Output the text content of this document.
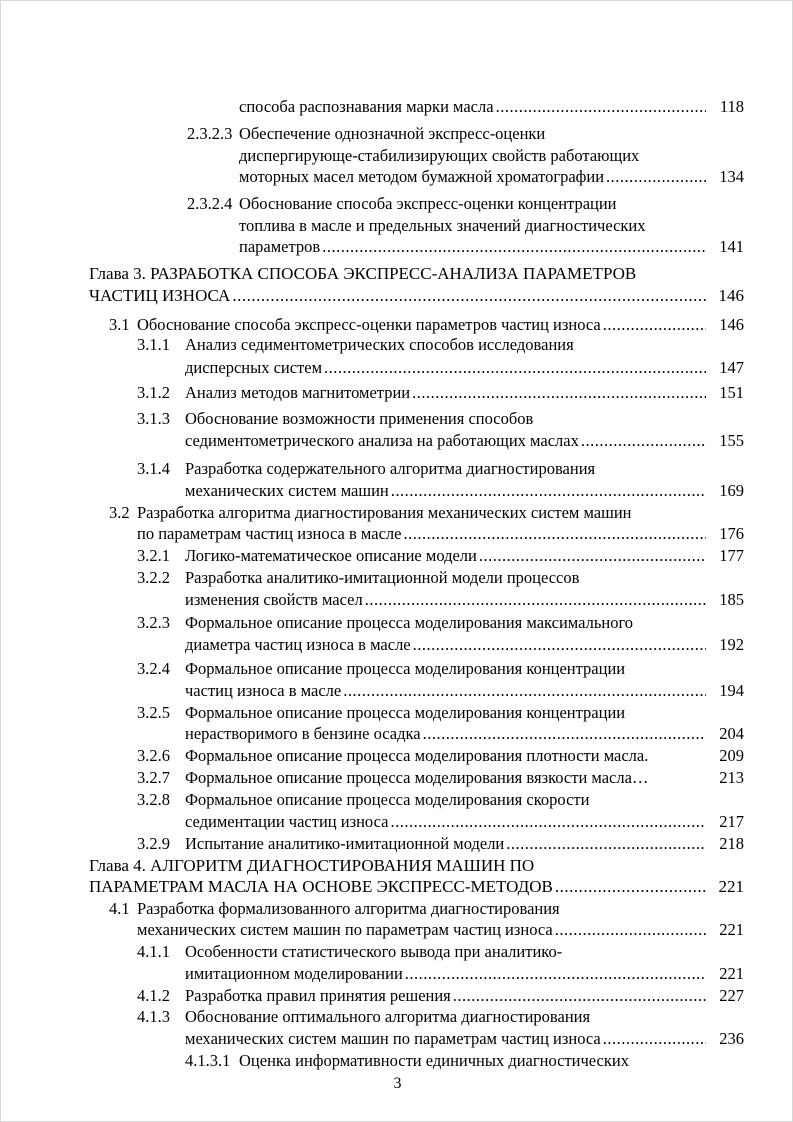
способа распознавания марки масла .....	118
2.3.2.3 Обеспечение однозначной экспресс-оценки
диспергирующе-стабилизирующих свойств работающих
моторных масел методом бумажной хроматографии .....	134
2.3.2.4 Обоснование способа экспресс-оценки концентрации
топлива в масле и предельных значений диагностических
параметров .....	141
Глава 3. РАЗРАБОТКА СПОСОБА ЭКСПРЕСС-АНАЛИЗА ПАРАМЕТРОВ
ЧАСТИЦ ИЗНОСА .....	146
3.1 Обоснование способа экспресс-оценки параметров частиц износа .....	146
3.1.1 Анализ седиментометрических способов исследования
дисперсных систем .....	147
3.1.2 Анализ методов магнитометрии .....	151
3.1.3 Обоснование возможности применения способов
седиментометрического анализа на работающих маслах .....	155
3.1.4 Разработка содержательного алгоритма диагностирования
механических систем машин .....	169
3.2 Разработка алгоритма диагностирования механических систем машин
по параметрам частиц износа в масле .....	176
3.2.1 Логико-математическое описание модели .....	177
3.2.2 Разработка аналитико-имитационной модели процессов
изменения свойств масел .....	185
3.2.3 Формальное описание процесса моделирования максимального
диаметра частиц износа в масле .....	192
3.2.4 Формальное описание процесса моделирования концентрации
частиц износа в масле .....	194
3.2.5 Формальное описание процесса моделирования концентрации
нерастворимого в бензине осадка .....	204
3.2.6 Формальное описание процесса моделирования плотности масла.	209
3.2.7 Формальное описание процесса моделирования вязкости масла…	213
3.2.8 Формальное описание процесса моделирования скорости
седиментации частиц износа .....	217
3.2.9 Испытание аналитико-имитационной модели .....	218
Глава 4. АЛГОРИТМ ДИАГНОСТИРОВАНИЯ МАШИН ПО
ПАРАМЕТРАМ МАСЛА НА ОСНОВЕ ЭКСПРЕСС-МЕТОДОВ .....	221
4.1 Разработка формализованного алгоритма диагностирования
механических систем машин по параметрам частиц износа .....	221
4.1.1 Особенности статистического вывода при аналитико-
имитационном моделировании .....	221
4.1.2 Разработка правил принятия решения .....	227
4.1.3 Обоснование оптимального алгоритма диагностирования
механических систем машин по параметрам частиц износа .....	236
4.1.3.1 Оценка информативности единичных диагностических
3
